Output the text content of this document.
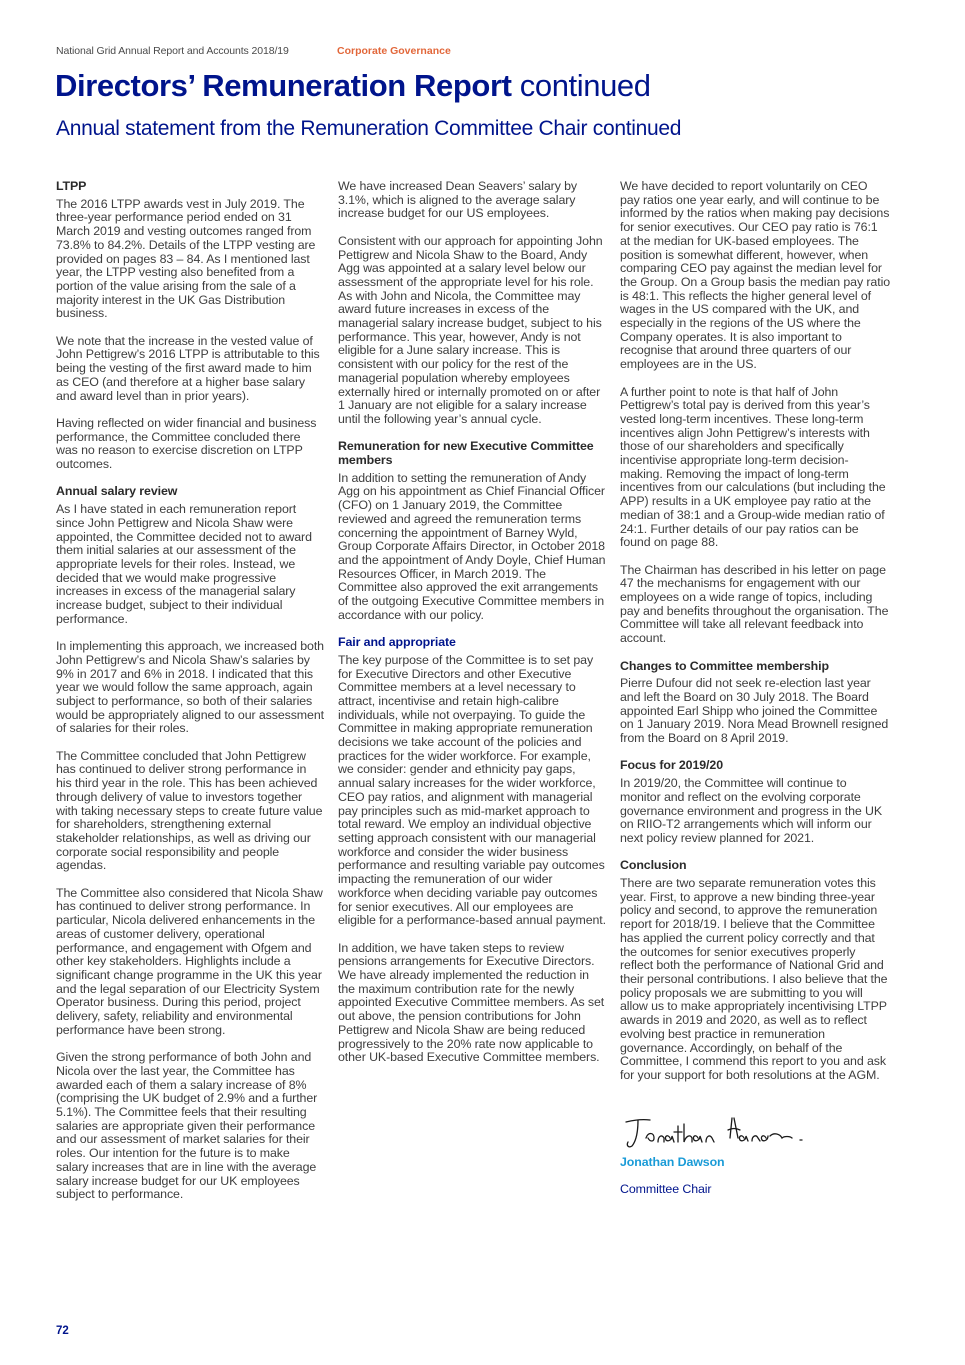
National Grid Annual Report and Accounts 2018/19	Corporate Governance
Directors’ Remuneration Report continued
Annual statement from the Remuneration Committee Chair continued
LTPP

The 2016 LTPP awards vest in July 2019. The three-year performance period ended on 31 March 2019 and vesting outcomes ranged from 73.8% to 84.2%. Details of the LTPP vesting are provided on pages 83 – 84. As I mentioned last year, the LTPP vesting also benefited from a portion of the value arising from the sale of a majority interest in the UK Gas Distribution business.

We note that the increase in the vested value of John Pettigrew’s 2016 LTPP is attributable to this being the vesting of the first award made to him as CEO (and therefore at a higher base salary and award level than in prior years).

Having reflected on wider financial and business performance, the Committee concluded there was no reason to exercise discretion on LTPP outcomes.

Annual salary review

As I have stated in each remuneration report since John Pettigrew and Nicola Shaw were appointed, the Committee decided not to award them initial salaries at our assessment of the appropriate levels for their roles. Instead, we decided that we would make progressive increases in excess of the managerial salary increase budget, subject to their individual performance.

In implementing this approach, we increased both John Pettigrew’s and Nicola Shaw’s salaries by 9% in 2017 and 6% in 2018. I indicated that this year we would follow the same approach, again subject to performance, so both of their salaries would be appropriately aligned to our assessment of salaries for their roles.

The Committee concluded that John Pettigrew has continued to deliver strong performance in his third year in the role. This has been achieved through delivery of value to investors together with taking necessary steps to create future value for shareholders, strengthening external stakeholder relationships, as well as driving our corporate social responsibility and people agendas.

The Committee also considered that Nicola Shaw has continued to deliver strong performance. In particular, Nicola delivered enhancements in the areas of customer delivery, operational performance, and engagement with Ofgem and other key stakeholders. Highlights include a significant change programme in the UK this year and the legal separation of our Electricity System Operator business. During this period, project delivery, safety, reliability and environmental performance have been strong.

Given the strong performance of both John and Nicola over the last year, the Committee has awarded each of them a salary increase of 8% (comprising the UK budget of 2.9% and a further 5.1%). The Committee feels that their resulting salaries are appropriate given their performance and our assessment of market salaries for their roles. Our intention for the future is to make salary increases that are in line with the average salary increase budget for our UK employees subject to performance.

We have increased Dean Seavers’ salary by 3.1%, which is aligned to the average salary increase budget for our US employees.

Consistent with our approach for appointing John Pettigrew and Nicola Shaw to the Board, Andy Agg was appointed at a salary level below our assessment of the appropriate level for his role. As with John and Nicola, the Committee may award future increases in excess of the managerial salary increase budget, subject to his performance. This year, however, Andy is not eligible for a June salary increase. This is consistent with our policy for the rest of the managerial population whereby employees externally hired or internally promoted on or after 1 January are not eligible for a salary increase until the following year’s annual cycle.

Remuneration for new Executive Committee members

In addition to setting the remuneration of Andy Agg on his appointment as Chief Financial Officer (CFO) on 1 January 2019, the Committee reviewed and agreed the remuneration terms concerning the appointment of Barney Wyld, Group Corporate Affairs Director, in October 2018 and the appointment of Andy Doyle, Chief Human Resources Officer, in March 2019. The Committee also approved the exit arrangements of the outgoing Executive Committee members in accordance with our policy.

Fair and appropriate

The key purpose of the Committee is to set pay for Executive Directors and other Executive Committee members at a level necessary to attract, incentivise and retain high-calibre individuals, while not overpaying. To guide the Committee in making appropriate remuneration decisions we take account of the policies and practices for the wider workforce. For example, we consider: gender and ethnicity pay gaps, annual salary increases for the wider workforce, CEO pay ratios, and alignment with managerial pay principles such as mid-market approach to total reward. We employ an individual objective setting approach consistent with our managerial workforce and consider the wider business performance and resulting variable pay outcomes impacting the remuneration of our wider workforce when deciding variable pay outcomes for senior executives. All our employees are eligible for a performance-based annual payment.

In addition, we have taken steps to review pensions arrangements for Executive Directors. We have already implemented the reduction in the maximum contribution rate for the newly appointed Executive Committee members. As set out above, the pension contributions for John Pettigrew and Nicola Shaw are being reduced progressively to the 20% rate now applicable to other UK-based Executive Committee members.

We have decided to report voluntarily on CEO pay ratios one year early, and will continue to be informed by the ratios when making pay decisions for senior executives. Our CEO pay ratio is 76:1 at the median for UK-based employees. The position is somewhat different, however, when comparing CEO pay against the median level for the Group. On a Group basis the median pay ratio is 48:1. This reflects the higher general level of wages in the US compared with the UK, and especially in the regions of the US where the Company operates. It is also important to recognise that around three quarters of our employees are in the US.

A further point to note is that half of John Pettigrew’s total pay is derived from this year’s vested long-term incentives. These long-term incentives align John Pettigrew’s interests with those of our shareholders and specifically incentivise appropriate long-term decision-making. Removing the impact of long-term incentives from our calculations (but including the APP) results in a UK employee pay ratio at the median of 38:1 and a Group-wide median ratio of 24:1. Further details of our pay ratios can be found on page 88.

The Chairman has described in his letter on page 47 the mechanisms for engagement with our employees on a wide range of topics, including pay and benefits throughout the organisation. The Committee will take all relevant feedback into account.

Changes to Committee membership

Pierre Dufour did not seek re-election last year and left the Board on 30 July 2018. The Board appointed Earl Shipp who joined the Committee on 1 January 2019. Nora Mead Brownell resigned from the Board on 8 April 2019.

Focus for 2019/20

In 2019/20, the Committee will continue to monitor and reflect on the evolving corporate governance environment and progress in the UK on RIIO-T2 arrangements which will inform our next policy review planned for 2021.

Conclusion

There are two separate remuneration votes this year. First, to approve a new binding three-year policy and second, to approve the remuneration report for 2018/19. I believe that the Committee has applied the current policy correctly and that the outcomes for senior executives properly reflect both the performance of National Grid and their personal contributions. I also believe that the policy proposals we are submitting to you will allow us to make appropriately incentivising LTPP awards in 2019 and 2020, as well as to reflect evolving best practice in remuneration governance. Accordingly, on behalf of the Committee, I commend this report to you and ask for your support for both resolutions at the AGM.

Jonathan Dawson

Committee Chair

72
